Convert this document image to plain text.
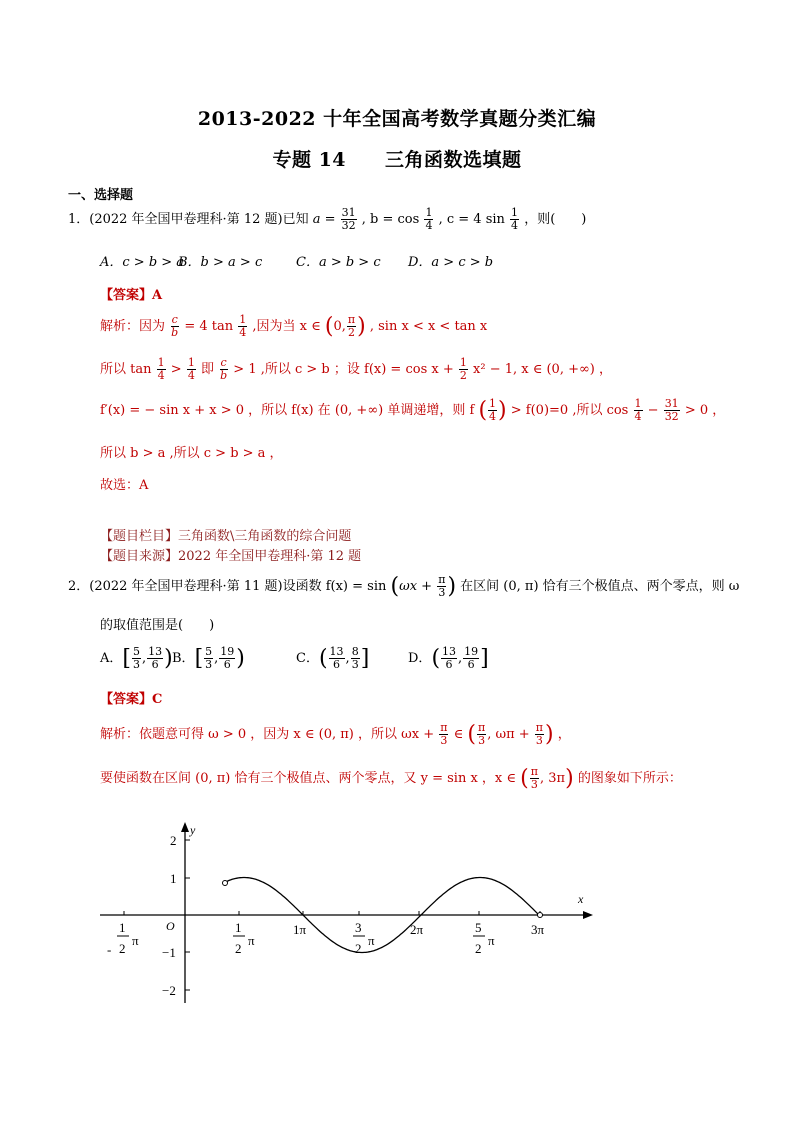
2013-2022 十年全国高考数学真题分类汇编
专题 14　　三角函数选填题
一、选择题
1．(2022 年全国甲卷理科·第 12 题)已知 $a = \frac{31}{32}$ , $b = \cos \frac{1}{4}$ , c = 4 $\sin \frac{1}{4}$ ，则(　　)
A．c > b > a
B．b > a > c	C．a > b > c D．a > c > b
【答案】A
解析：因为 $\frac{c}{b} = 4$ $\tan \frac{1}{4}$ ,因为当 x ∈ (0, $\frac{\pi}{2}$ ) , sin x < x < tan x
所以 $\tan \frac{1}{4} > \frac{1}{4}$ 即 $\frac{c}{b} > 1$ ,所以 c > b ；设 $f(x) = \cos x + \frac{1}{2} x^2 - 1$, x ∈ (0, +∞) ，
f′(x) = − sin x + x > 0 ，所以 f(x) 在 (0, +∞) 单调递增，则 f ( $\frac{1}{4}$ ) > f(0)=0 ,所以 $\cos \frac{1}{4} - \frac{31}{32} > 0$ ，
所以 b > a ,所以 c > b > a ，
故选：A
【题目栏目】三角函数\三角函数的综合问题
【题目来源】2022 年全国甲卷理科·第 12 题
2．(2022 年全国甲卷理科·第 11 题)设函数 $f(x) = \sin (\omega x + \frac{\pi}{3}$ ) 在区间 (0, π) 恰有三个极值点、两个零点，则 ω
的取值范围是(　　)
A．[ $\frac{5}{3}$ , $\frac{13}{6}$ ) B．[ $\frac{5}{3}$ , $\frac{19}{6}$ )	C．( $\frac{13}{6}$ , $\frac{8}{3}$ ]	D．( $\frac{13}{6}$ , $\frac{19}{6}$ ]
【答案】C
解析：依题意可得 ω > 0 ，因为 x ∈ (0, π) ，所以 $\omega x + \frac{\pi}{3}$ ∈ ( $\frac{\pi}{3}$ , $\omega\pi + \frac{\pi}{3}$ ) ，
要使函数在区间 (0, π) 恰有三个极值点、两个零点，又 y = sin x ，x ∈ ( $\frac{\pi}{3}$ , 3π) 的图象如下所示：
y
x
O
2
1
−1
−2
1π	2π	3π
-
1
2
π
1
2
π
3
2
π
5
2
π
